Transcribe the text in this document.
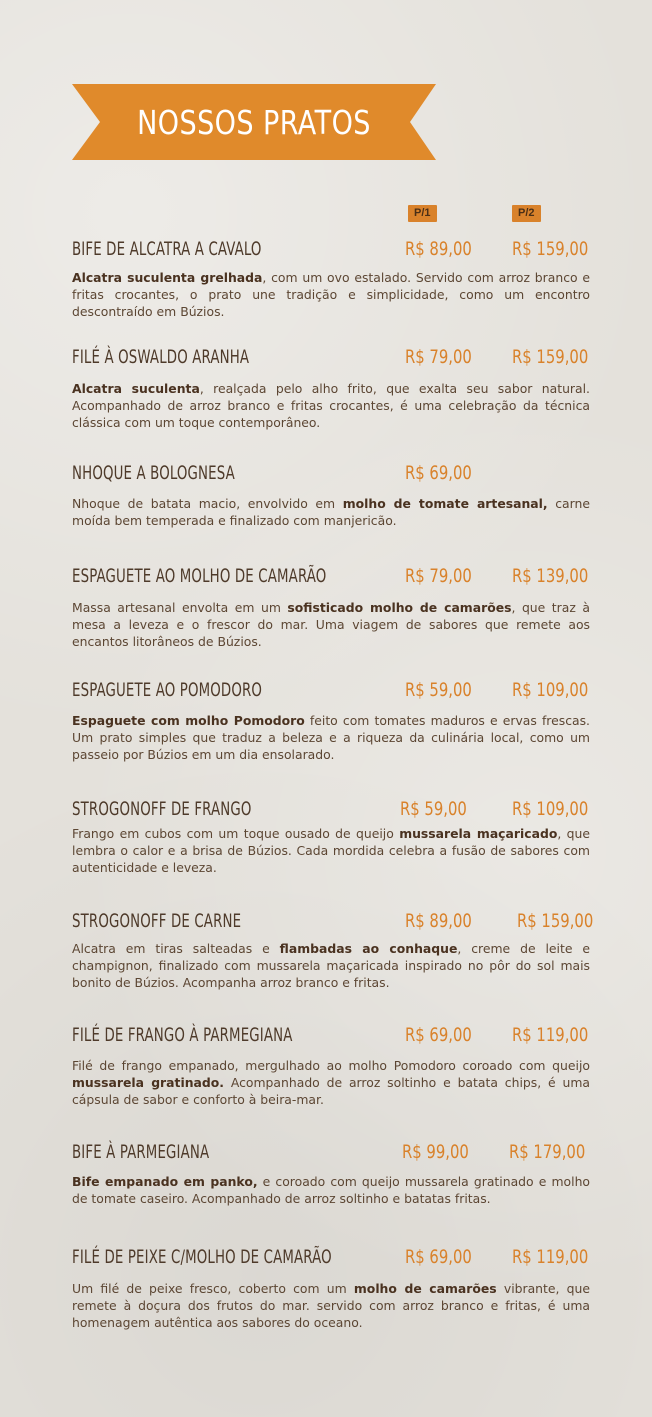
NOSSOS PRATOS
P/1	P/2
BIFE DE ALCATRA A CAVALO	R$ 89,00 R$ 159,00

Alcatra suculenta grelhada, com um ovo estalado. Servido com arroz branco e fritas crocantes, o prato une tradição e simplicidade, como um encontro descontraído em Búzios.

FILÉ À OSWALDO ARANHA	R$ 79,00 R$ 159,00

Alcatra suculenta, realçada pelo alho frito, que exalta seu sabor natural. Acompanhado de arroz branco e fritas crocantes, é uma celebração da técnica clássica com um toque contemporâneo.

NHOQUE A BOLOGNESA	R$ 69,00

Nhoque de batata macio, envolvido em molho de tomate artesanal, carne moída bem temperada e finalizado com manjericão.

ESPAGUETE AO MOLHO DE CAMARÃO	R$ 79,00 R$ 139,00

Massa artesanal envolta em um sofisticado molho de camarões, que traz à mesa a leveza e o frescor do mar. Uma viagem de sabores que remete aos encantos litorâneos de Búzios.

ESPAGUETE AO POMODORO	R$ 59,00 R$ 109,00

Espaguete com molho Pomodoro feito com tomates maduros e ervas frescas. Um prato simples que traduz a beleza e a riqueza da culinária local, como um passeio por Búzios em um dia ensolarado.

STROGONOFF DE FRANGO	R$ 59,00 R$ 109,00

Frango em cubos com um toque ousado de queijo mussarela maçaricado, que lembra o calor e a brisa de Búzios. Cada mordida celebra a fusão de sabores com autenticidade e leveza.

STROGONOFF DE CARNE	R$ 89,00 R$ 159,00

Alcatra em tiras salteadas e flambadas ao conhaque, creme de leite e champignon, finalizado com mussarela maçaricada inspirado no pôr do sol mais bonito de Búzios. Acompanha arroz branco e fritas.

FILÉ DE FRANGO À PARMEGIANA	R$ 69,00 R$ 119,00

Filé de frango empanado, mergulhado ao molho Pomodoro coroado com queijo mussarela gratinado. Acompanhado de arroz soltinho e batata chips, é uma cápsula de sabor e conforto à beira-mar.

BIFE À PARMEGIANA	R$ 99,00 R$ 179,00

Bife empanado em panko, e coroado com queijo mussarela gratinado e molho de tomate caseiro. Acompanhado de arroz soltinho e batatas fritas.

FILÉ DE PEIXE C/MOLHO DE CAMARÃO	R$ 69,00 R$ 119,00

Um filé de peixe fresco, coberto com um molho de camarões vibrante, que remete à doçura dos frutos do mar. servido com arroz branco e fritas, é uma homenagem autêntica aos sabores do oceano.
